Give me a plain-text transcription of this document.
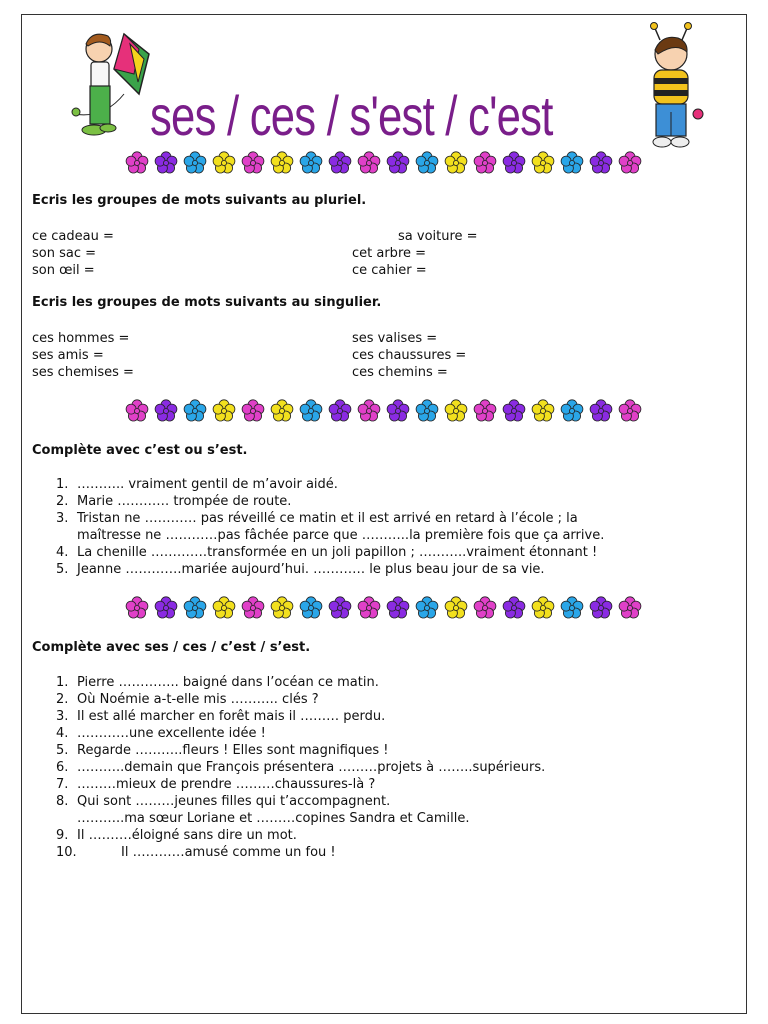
ses / ces / s'est / c'est
Ecris les groupes de mots suivants au pluriel.
ce cadeau =
son sac =
son œil =
sa voiture =
cet arbre =
ce cahier =
Ecris les groupes de mots suivants au singulier.
ces hommes =
ses amis =
ses chemises =
ses valises =
ces chaussures =
ces chemins =
Complète avec c’est ou s’est.
1. ……….. vraiment gentil de m’avoir aidé.
2. Marie ………… trompée de route.
3. Tristan ne ………… pas réveillé ce matin et il est arrivé en retard à l’école ; la
maîtresse ne …………pas fâchée parce que ………..la première fois que ça arrive.
4. La chenille ………….transformée en un joli papillon ; ………..vraiment étonnant !
5. Jeanne ………….mariée aujourd’hui. ………… le plus beau jour de sa vie.
Complète avec ses / ces / c’est / s’est.
1. Pierre ………….. baigné dans l’océan ce matin.
2. Où Noémie a-t-elle mis ……….. clés ?
3. Il est allé marcher en forêt mais il ……… perdu.
4. …………une excellente idée !
5. Regarde ………..fleurs ! Elles sont magnifiques !
6. ………..demain que François présentera ………projets à ……..supérieurs.
7. ………mieux de prendre ………chaussures-là ?
8. Qui sont ………jeunes filles qui t’accompagnent.
………..ma sœur Loriane et ………copines Sandra et Camille.
9. Il ……….éloigné sans dire un mot.
10.	Il …………amusé comme un fou !
